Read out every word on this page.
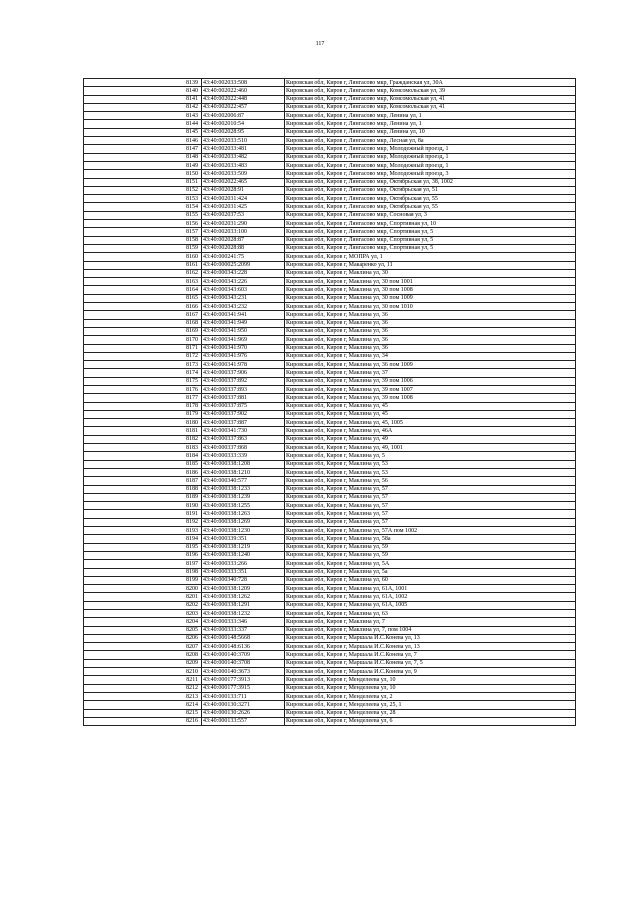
117
8139	43:40:002033:508	Кировская обл, Киров г, Лянгасово мкр, Гражданская ул, 30А
8140	43:40:002022:460	Кировская обл, Киров г, Лянгасово мкр, Комсомольская ул, 39
8141	43:40:002022:448	Кировская обл, Киров г, Лянгасово мкр, Комсомольская ул, 41
8142	43:40:002022:457	Кировская обл, Киров г, Лянгасово мкр, Комсомольская ул, 41
8143	43:40:002006:87	Кировская обл, Киров г, Лянгасово мкр, Ленина ул, 1
8144	43:40:002010:54	Кировская обл, Киров г, Лянгасово мкр, Ленина ул, 1
8145	43:40:002028:95	Кировская обл, Киров г, Лянгасово мкр, Ленина ул, 10
8146	43:40:002033:510	Кировская обл, Киров г, Лянгасово мкр, Лесная ул, 8а
8147	43:40:002033:481	Кировская обл, Киров г, Лянгасово мкр, Молодежный проезд, 1
8148	43:40:002033:482	Кировская обл, Киров г, Лянгасово мкр, Молодежный проезд, 1
8149	43:40:002033:483	Кировская обл, Киров г, Лянгасово мкр, Молодежный проезд, 1
8150	43:40:002033:509	Кировская обл, Киров г, Лянгасово мкр, Молодежный проезд, 3
8151	43:40:002022:465	Кировская обл, Киров г, Лянгасово мкр, Октябрьская ул, 38, 1002
8152	43:40:002028:91	Кировская обл, Киров г, Лянгасово мкр, Октябрьская ул, 51
8153	43:40:002031:424	Кировская обл, Киров г, Лянгасово мкр, Октябрьская ул, 55
8154	43:40:002031:425	Кировская обл, Киров г, Лянгасово мкр, Октябрьская ул, 55
8155	43:40:002037:53	Кировская обл, Киров г, Лянгасово мкр, Сосновая ул, 3
8156	43:40:002031:290	Кировская обл, Киров г, Лянгасово мкр, Спортивная ул, 10
8157	43:40:002033:100	Кировская обл, Киров г, Лянгасово мкр, Спортивная ул, 5
8158	43:40:002028:87	Кировская обл, Киров г, Лянгасово мкр, Спортивная ул, 5
8159	43:40:002028:88	Кировская обл, Киров г, Лянгасово мкр, Спортивная ул, 5
8160	43:40:000241:75	Кировская обл, Киров г, МОПРА ул, 1
8161	43:40:000025:2099	Кировская обл, Киров г, Макаренко ул, 11
8162	43:40:000343:228	Кировская обл, Киров г, Маклина ул, 30
8163	43:40:000343:226	Кировская обл, Киров г, Маклина ул, 30 пом 1001
8164	43:40:000343:603	Кировская обл, Киров г, Маклина ул, 30 пом 1008
8165	43:40:000343:231	Кировская обл, Киров г, Маклина ул, 30 пом 1009
8166	43:40:000343:232	Кировская обл, Киров г, Маклина ул, 30 пом 1010
8167	43:40:000341:941	Кировская обл, Киров г, Маклина ул, 36
8168	43:40:000341:949	Кировская обл, Киров г, Маклина ул, 36
8169	43:40:000341:950	Кировская обл, Киров г, Маклина ул, 36
8170	43:40:000341:969	Кировская обл, Киров г, Маклина ул, 36
8171	43:40:000341:970	Кировская обл, Киров г, Маклина ул, 36
8172	43:40:000341:976	Кировская обл, Киров г, Маклина ул, 34
8173	43:40:000341:978	Кировская обл, Киров г, Маклина ул, 36 пом 1009
8174	43:40:000337:906	Кировская обл, Киров г, Маклина ул, 37
8175	43:40:000337:892	Кировская обл, Киров г, Маклина ул, 39 пом 1006
8176	43:40:000337:893	Кировская обл, Киров г, Маклина ул, 39 пом 1007
8177	43:40:000337:881	Кировская обл, Киров г, Маклина ул, 39 пом 1008
8178	43:40:000337:875	Кировская обл, Киров г, Маклина ул, 45
8179	43:40:000337:902	Кировская обл, Киров г, Маклина ул, 45
8180	43:40:000337:887	Кировская обл, Киров г, Маклина ул, 45, 1005
8181	43:40:000341:730	Кировская обл, Киров г, Маклина ул, 46А
8182	43:40:000337:863	Кировская обл, Киров г, Маклина ул, 49
8183	43:40:000337:868	Кировская обл, Киров г, Маклина ул, 49, 1001
8184	43:40:000333:339	Кировская обл, Киров г, Маклина ул, 5
8185	43:40:000338:1208	Кировская обл, Киров г, Маклина ул, 53
8186	43:40:000338:1210	Кировская обл, Киров г, Маклина ул, 53
8187	43:40:000340:577	Кировская обл, Киров г, Маклина ул, 56
8188	43:40:000338:1233	Кировская обл, Киров г, Маклина ул, 57
8189	43:40:000338:1239	Кировская обл, Киров г, Маклина ул, 57
8190	43:40:000338:1255	Кировская обл, Киров г, Маклина ул, 57
8191	43:40:000338:1263	Кировская обл, Киров г, Маклина ул, 57
8192	43:40:000338:1269	Кировская обл, Киров г, Маклина ул, 57
8193	43:40:000338:1230	Кировская обл, Киров г, Маклина ул, 57А пом 1002
8194	43:40:000339:351	Кировская обл, Киров г, Маклина ул, 58а
8195	43:40:000338:1219	Кировская обл, Киров г, Маклина ул, 59
8196	43:40:000338:1240	Кировская обл, Киров г, Маклина ул, 59
8197	43:40:000333:266	Кировская обл, Киров г, Маклина ул, 5А
8198	43:40:000333:351	Кировская обл, Киров г, Маклина ул, 5а
8199	43:40:000340:728	Кировская обл, Киров г, Маклина ул, 60
8200	43:40:000338:1209	Кировская обл, Киров г, Маклина ул, 61А, 1001
8201	43:40:000338:1262	Кировская обл, Киров г, Маклина ул, 61А, 1002
8202	43:40:000338:1291	Кировская обл, Киров г, Маклина ул, 61А, 1005
8203	43:40:000338:1232	Кировская обл, Киров г, Маклина ул, 63
8204	43:40:000333:346	Кировская обл, Киров г, Маклина ул, 7
8205	43:40:000333:337	Кировская обл, Киров г, Маклина ул, 7, пом 1004
8206	43:40:000148:5668	Кировская обл, Киров г, Маршала И.С.Конева ул, 13
8207	43:40:000148:6136	Кировская обл, Киров г, Маршала И.С.Конева ул, 13
8208	43:40:000140:3709	Кировская обл, Киров г, Маршала И.С.Конева ул, 7
8209	43:40:000140:3708	Кировская обл, Киров г, Маршала И.С.Конева ул, 7, 5
8210	43:40:000140:3673	Кировская обл, Киров г, Маршала И.С.Конева ул, 9
8211	43:40:000177:3913	Кировская обл, Киров г, Менделеева ул, 10
8212	43:40:000177:3915	Кировская обл, Киров г, Менделеева ул, 10
8213	43:40:000133:711	Кировская обл, Киров г, Менделеева ул, 2
8214	43:40:000130:3271	Кировская обл, Киров г, Менделеева ул, 25, 1
8215	43:40:000130:2626	Кировская обл, Киров г, Менделеева ул, 28
8216	43:40:000133:557	Кировская обл, Киров г, Менделеева ул, 6
